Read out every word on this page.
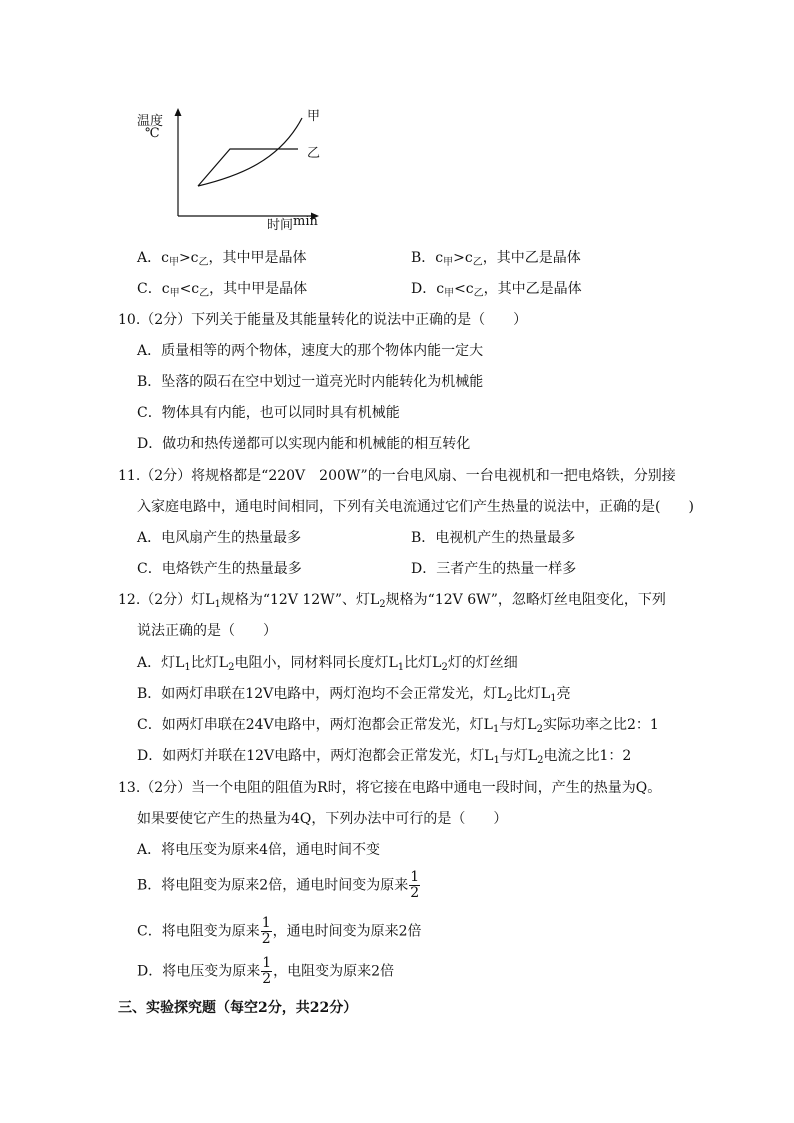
温度
℃
时间 min
甲
乙
A．$c_甲>c_乙$，其中甲是晶体	B．$c_甲>c_乙$，其中乙是晶体
C．$c_甲<c_乙$，其中甲是晶体	D．$c_甲<c_乙$，其中乙是晶体
10.（2分）下列关于能量及其能量转化的说法中正确的是（　　）
A．质量相等的两个物体，速度大的那个物体内能一定大
B．坠落的陨石在空中划过一道亮光时内能转化为机械能
C．物体具有内能，也可以同时具有机械能
D．做功和热传递都可以实现内能和机械能的相互转化
11.（2分）将规格都是“220V　200W”的一台电风扇、一台电视机和一把电烙铁，分别接
入家庭电路中，通电时间相同，下列有关电流通过它们产生热量的说法中，正确的是(　　)
A．电风扇产生的热量最多	B．电视机产生的热量最多
C．电烙铁产生的热量最多	D．三者产生的热量一样多
12.（2分）灯$L_1$规格为“12V 12W”、灯$L_2$规格为“12V 6W”，忽略灯丝电阻变化，下列
说法正确的是（　　）
A．灯$L_1$比灯$L_2$电阻小，同材料同长度灯$L_1$比灯$L_2$灯的灯丝细
B．如两灯串联在12V电路中，两灯泡均不会正常发光，灯$L_2$比灯$L_1$亮
C．如两灯串联在24V电路中，两灯泡都会正常发光，灯$L_1$与灯$L_2$实际功率之比2：1
D．如两灯并联在12V电路中，两灯泡都会正常发光，灯$L_1$与灯$L_2$电流之比1：2
13.（2分）当一个电阻的阻值为R时，将它接在电路中通电一段时间，产生的热量为Q。
如果要使它产生的热量为4Q，下列办法中可行的是（　　）
A．将电压变为原来4倍，通电时间不变
B．将电阻变为原来2倍，通电时间变为原来 $\frac{1}{2}$
C．将电阻变为原来 $\frac{1}{2}$ ，通电时间变为原来2倍
D．将电压变为原来 $\frac{1}{2}$ ，电阻变为原来2倍
三、实验探究题（每空2分，共22分）
